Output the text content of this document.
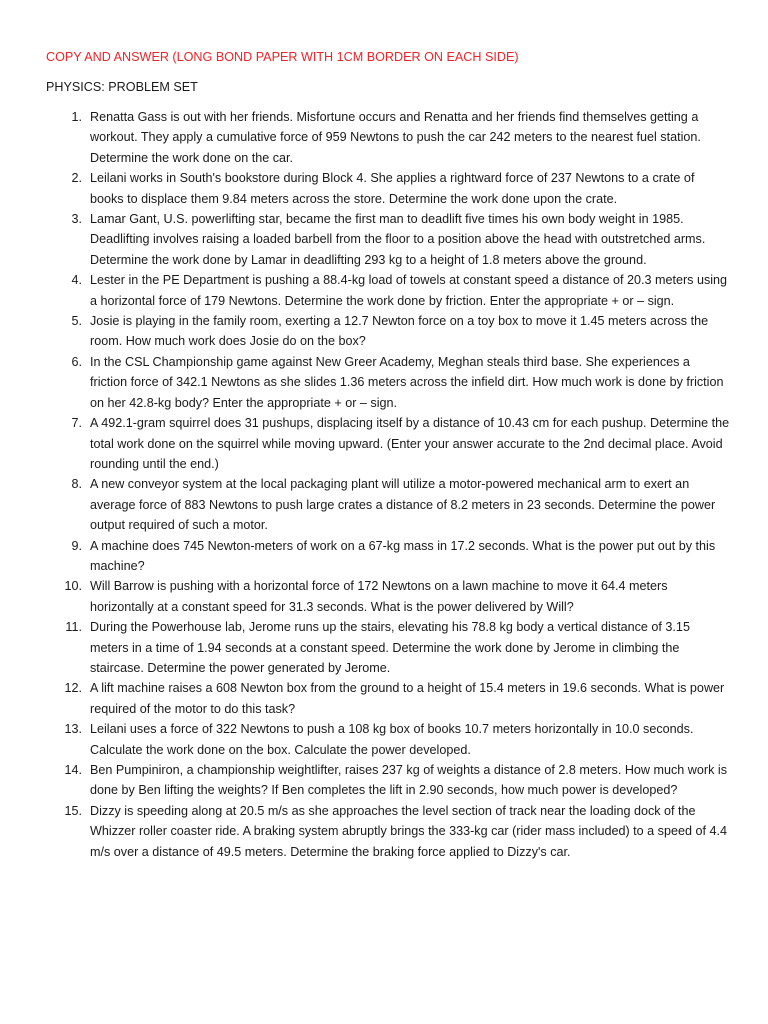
COPY AND ANSWER (LONG BOND PAPER WITH 1CM BORDER ON EACH SIDE)
PHYSICS: PROBLEM SET
1. Renatta Gass is out with her friends. Misfortune occurs and Renatta and her friends find themselves getting a workout. They apply a cumulative force of 959 Newtons to push the car 242 meters to the nearest fuel station. Determine the work done on the car.
2. Leilani works in South's bookstore during Block 4. She applies a rightward force of 237 Newtons to a crate of books to displace them 9.84 meters across the store. Determine the work done upon the crate.
3. Lamar Gant, U.S. powerlifting star, became the first man to deadlift five times his own body weight in 1985. Deadlifting involves raising a loaded barbell from the floor to a position above the head with outstretched arms. Determine the work done by Lamar in deadlifting 293 kg to a height of 1.8 meters above the ground.
4. Lester in the PE Department is pushing a 88.4-kg load of towels at constant speed a distance of 20.3 meters using a horizontal force of 179 Newtons. Determine the work done by friction. Enter the appropriate + or – sign.
5. Josie is playing in the family room, exerting a 12.7 Newton force on a toy box to move it 1.45 meters across the room. How much work does Josie do on the box?
6. In the CSL Championship game against New Greer Academy, Meghan steals third base. She experiences a friction force of 342.1 Newtons as she slides 1.36 meters across the infield dirt. How much work is done by friction on her 42.8-kg body? Enter the appropriate + or – sign.
7. A 492.1-gram squirrel does 31 pushups, displacing itself by a distance of 10.43 cm for each pushup. Determine the total work done on the squirrel while moving upward. (Enter your answer accurate to the 2nd decimal place. Avoid rounding until the end.)
8. A new conveyor system at the local packaging plant will utilize a motor-powered mechanical arm to exert an average force of 883 Newtons to push large crates a distance of 8.2 meters in 23 seconds. Determine the power output required of such a motor.
9. A machine does 745 Newton-meters of work on a 67-kg mass in 17.2 seconds. What is the power put out by this machine?
10. Will Barrow is pushing with a horizontal force of 172 Newtons on a lawn machine to move it 64.4 meters horizontally at a constant speed for 31.3 seconds. What is the power delivered by Will?
11. During the Powerhouse lab, Jerome runs up the stairs, elevating his 78.8 kg body a vertical distance of 3.15 meters in a time of 1.94 seconds at a constant speed. Determine the work done by Jerome in climbing the staircase. Determine the power generated by Jerome.
12. A lift machine raises a 608 Newton box from the ground to a height of 15.4 meters in 19.6 seconds. What is power required of the motor to do this task?
13. Leilani uses a force of 322 Newtons to push a 108 kg box of books 10.7 meters horizontally in 10.0 seconds. Calculate the work done on the box. Calculate the power developed.
14. Ben Pumpiniron, a championship weightlifter, raises 237 kg of weights a distance of 2.8 meters. How much work is done by Ben lifting the weights? If Ben completes the lift in 2.90 seconds, how much power is developed?
15. Dizzy is speeding along at 20.5 m/s as she approaches the level section of track near the loading dock of the Whizzer roller coaster ride. A braking system abruptly brings the 333-kg car (rider mass included) to a speed of 4.4 m/s over a distance of 49.5 meters. Determine the braking force applied to Dizzy's car.
